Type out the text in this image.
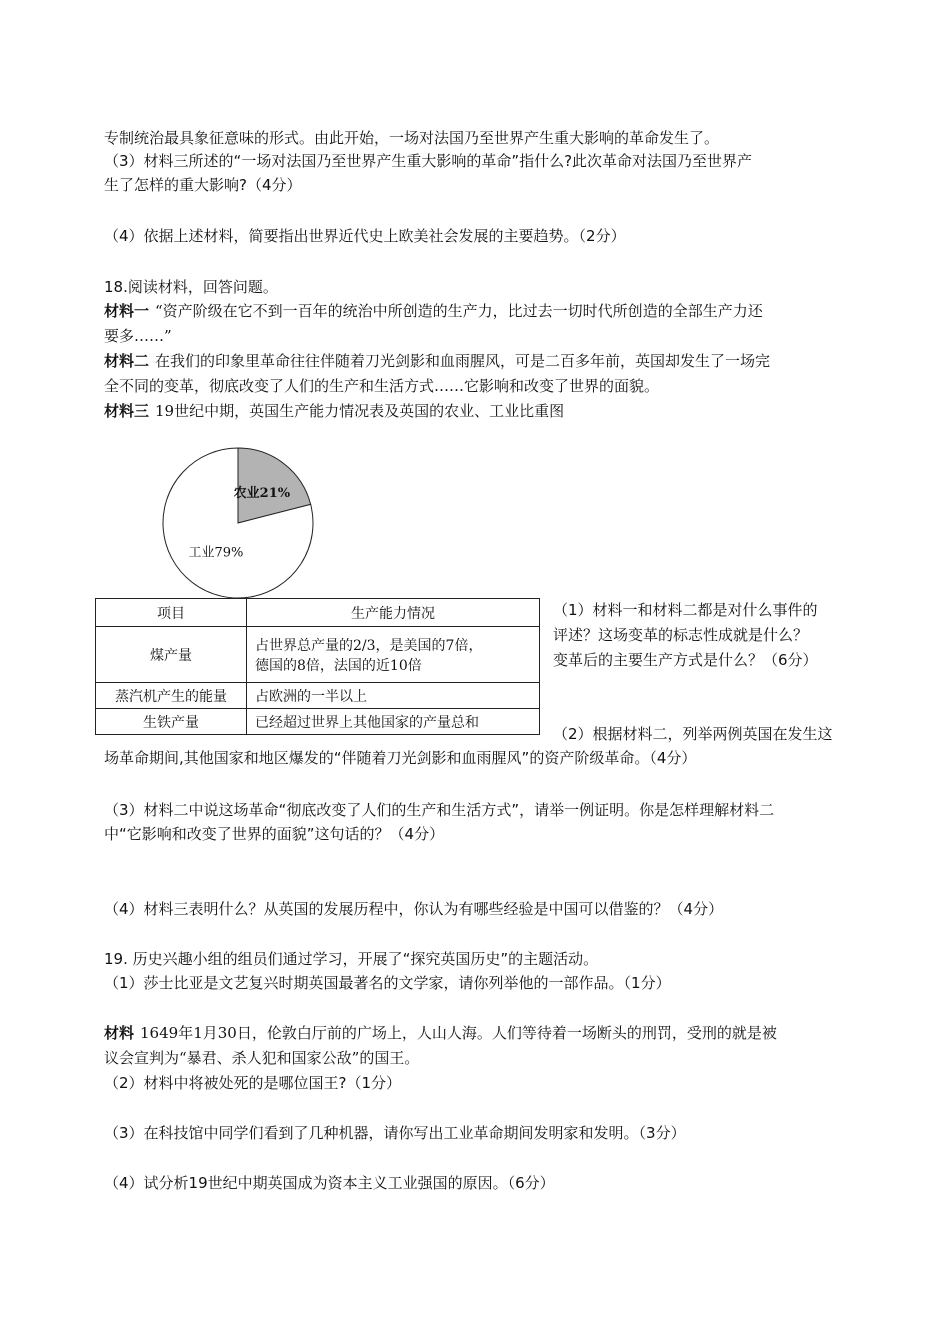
专制统治最具象征意味的形式。由此开始，一场对法国乃至世界产生重大影响的革命发生了。
（3）材料三所述的“一场对法国乃至世界产生重大影响的革命”指什么?此次革命对法国乃至世界产
生了怎样的重大影响?（4分）
（4）依据上述材料，简要指出世界近代史上欧美社会发展的主要趋势。（2分）
18.阅读材料，回答问题。
材料一 “资产阶级在它不到一百年的统治中所创造的生产力，比过去一切时代所创造的全部生产力还
要多……”
材料二 在我们的印象里革命往往伴随着刀光剑影和血雨腥风，可是二百多年前，英国却发生了一场完
全不同的变革，彻底改变了人们的生产和生活方式……它影响和改变了世界的面貌。
材料三 19世纪中期，英国生产能力情况表及英国的农业、工业比重图
农业21%
工业79%
项目	生产能力情况
煤产量	占世界总产量的2/3，是美国的7倍，
德国的8倍，法国的近10倍

蒸汽机产生的能量	占欧洲的一半以上
生铁产量	已经超过世界上其他国家的产量总和
（1）材料一和材料二都是对什么事件的
评述？这场变革的标志性成就是什么？
变革后的主要生产方式是什么？（6分）
（2）根据材料二，列举两例英国在发生这
场革命期间,其他国家和地区爆发的“伴随着刀光剑影和血雨腥风”的资产阶级革命。（4分）
（3）材料二中说这场革命“彻底改变了人们的生产和生活方式”，请举一例证明。你是怎样理解材料二
中“它影响和改变了世界的面貌”这句话的？（4分）
（4）材料三表明什么？从英国的发展历程中，你认为有哪些经验是中国可以借鉴的？（4分）
19. 历史兴趣小组的组员们通过学习，开展了“探究英国历史”的主题活动。
（1）莎士比亚是文艺复兴时期英国最著名的文学家，请你列举他的一部作品。（1分）
材料 1649年1月30日，伦敦白厅前的广场上，人山人海。人们等待着一场断头的刑罚，受刑的就是被
议会宣判为“暴君、杀人犯和国家公敌”的国王。
（2）材料中将被处死的是哪位国王?（1分）
（3）在科技馆中同学们看到了几种机器，请你写出工业革命期间发明家和发明。（3分）
（4）试分析19世纪中期英国成为资本主义工业强国的原因。（6分）
